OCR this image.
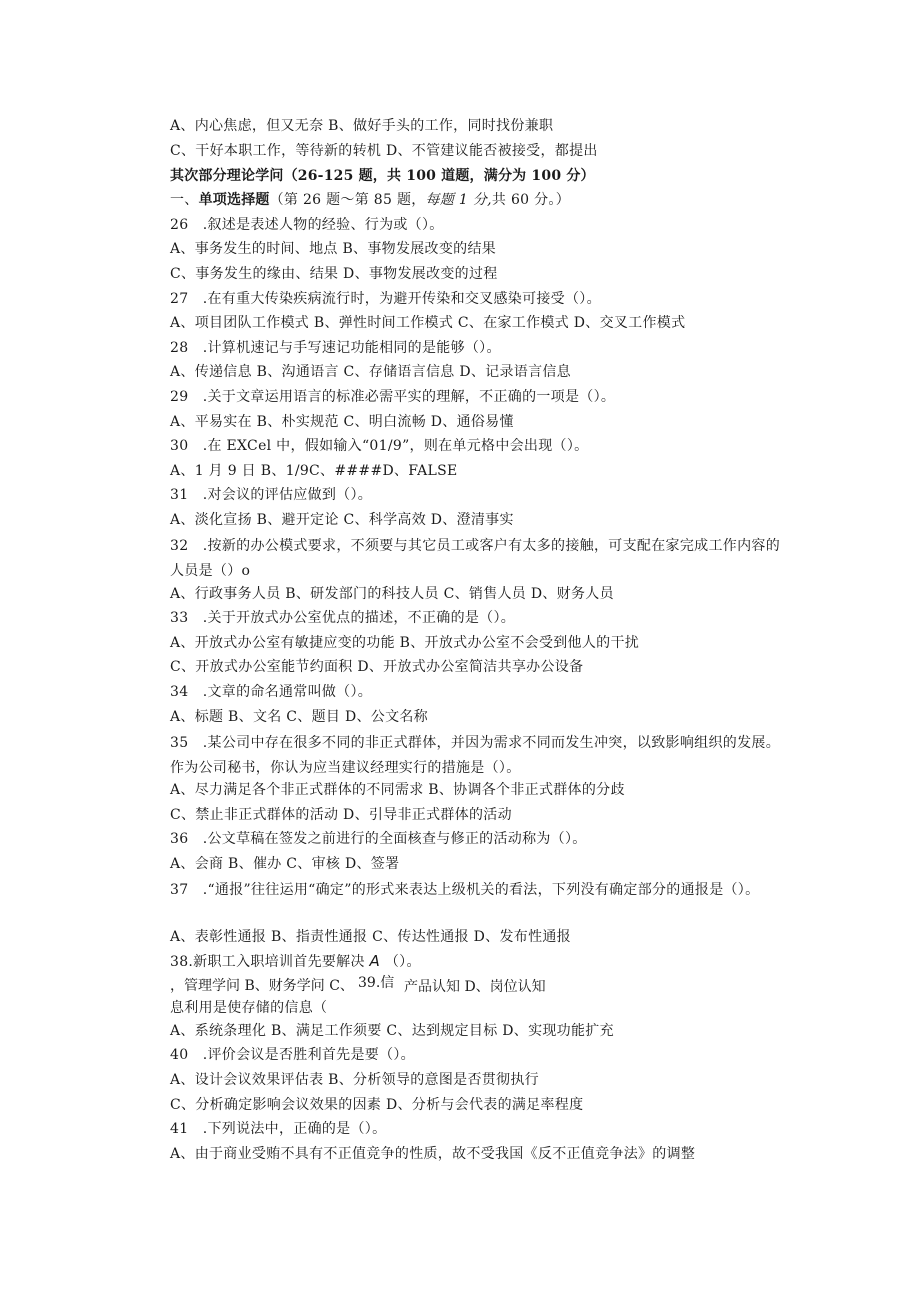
A、内心焦虑，但又无奈 B、做好手头的工作，同时找份兼职
C、干好本职工作，等待新的转机 D、不管建议能否被接受，都提出
其次部分理论学问（26-125 题，共 100 道题，满分为 100 分）
一、单项选择题（第 26 题～第 85 题，每题 1 分,共 60 分。）
26　.叙述是表述人物的经验、行为或（）。
A、事务发生的时间、地点 B、事物发展改变的结果
C、事务发生的缘由、结果 D、事物发展改变的过程
27　.在有重大传染疾病流行时，为避开传染和交叉感染可接受（）。
A、项目团队工作模式 B、弹性时间工作模式 C、在家工作模式 D、交叉工作模式
28　.计算机速记与手写速记功能相同的是能够（）。
A、传递信息 B、沟通语言 C、存储语言信息 D、记录语言信息
29　.关于文章运用语言的标准必需平实的理解，不正确的一项是（）。
A、平易实在 B、朴实规范 C、明白流畅 D、通俗易懂
30　.在 EXCel 中，假如输入“01/9”，则在单元格中会出现（）。
A、1 月 9 日 B、1/9C、####D、FALSE
31　.对会议的评估应做到（）。
A、淡化宣扬 B、避开定论 C、科学高效 D、澄清事实
32　.按新的办公模式要求，不须要与其它员工或客户有太多的接触，可支配在家完成工作内容的人员是（）o
A、行政事务人员 B、研发部门的科技人员 C、销售人员 D、财务人员
33　.关于开放式办公室优点的描述，不正确的是（）。
A、开放式办公室有敏捷应变的功能 B、开放式办公室不会受到他人的干扰
C、开放式办公室能节约面积 D、开放式办公室简洁共享办公设备
34　.文章的命名通常叫做（）。
A、标题 B、文名 C、题目 D、公文名称
35　.某公司中存在很多不同的非正式群体，并因为需求不同而发生冲突，以致影响组织的发展。作为公司秘书，你认为应当建议经理实行的措施是（）。
A、尽力满足各个非正式群体的不同需求 B、协调各个非正式群体的分歧
C、禁止非正式群体的活动 D、引导非正式群体的活动
36　.公文草稿在签发之前进行的全面核查与修正的活动称为（）。
A、会商 B、催办 C、审核 D、签署
37　.“通报”往往运用“确定”的形式来表达上级机关的看法，下列没有确定部分的通报是（）。
A、表彰性通报 B、指责性通报 C、传达性通报 D、发布性通报
38.新职工入职培训首先要解决 A （）。
，管理学问 B、财务学问 C、 39.信 产品认知 D、岗位认知
息利用是使存储的信息（
A、系统条理化 B、满足工作须要 C、达到规定目标 D、实现功能扩充
40　.评价会议是否胜利首先是要（）。
A、设计会议效果评估表 B、分析领导的意图是否贯彻执行
C、分析确定影响会议效果的因素 D、分析与会代表的满足率程度
41　.下列说法中，正确的是（）。
A、由于商业受贿不具有不正值竞争的性质，故不受我国《反不正值竞争法》的调整
